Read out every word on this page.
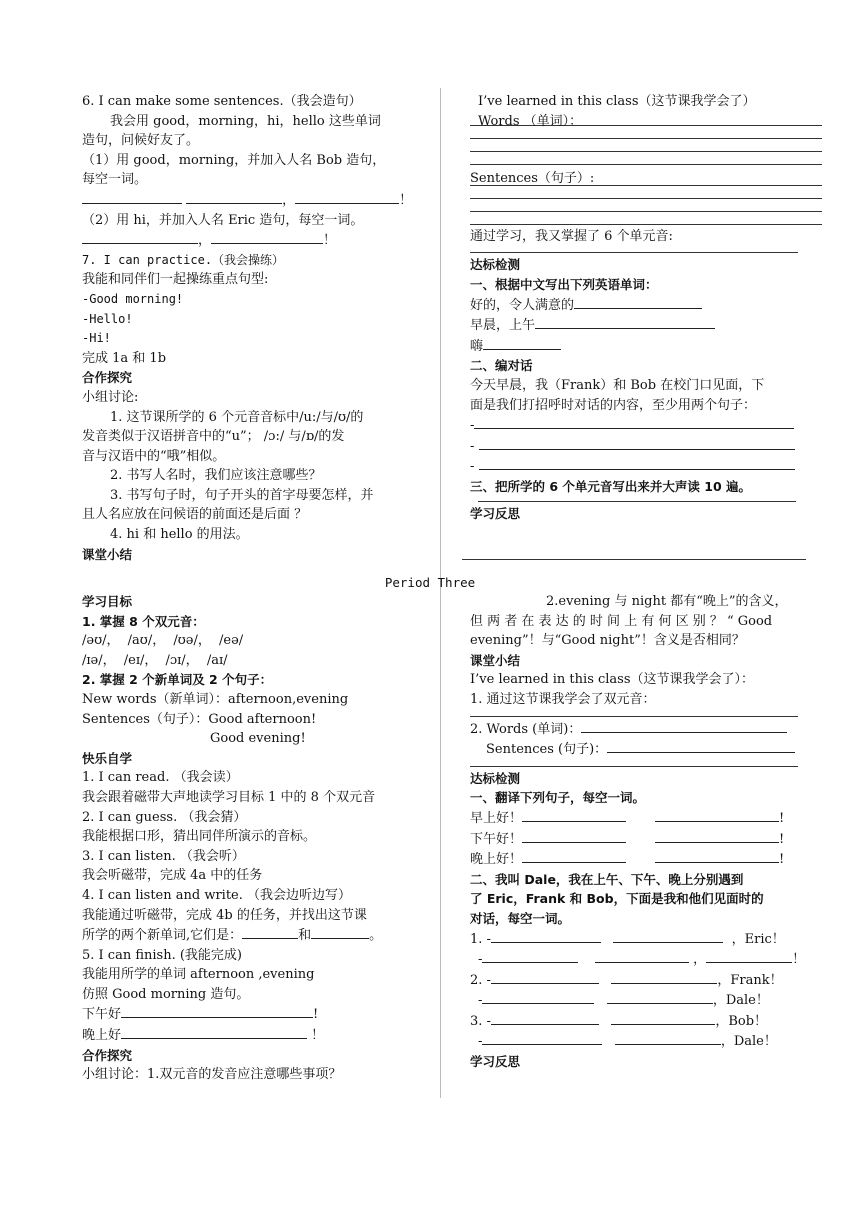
6. I can make some sentences.（我会造句）
我会用 good，morning，hi，hello 这些单词
造句，问候好友了。
（1）用 good，morning，并加入人名 Bob 造句，
每空一词。
，	！
（2）用 hi，并加入人名 Eric 造句，每空一词。
，	！
7. I can practice.（我会操练）
我能和同伴们一起操练重点句型:
-Good morning!
-Hello!
-Hi!
完成 1a 和 1b
合作探究
小组讨论:
1. 这节课所学的 6 个元音音标中/u:/与/ʊ/的
发音类似于汉语拼音中的“u”； /ɔ:/ 与/ɒ/的发
音与汉语中的“哦”相似。
2. 书写人名时，我们应该注意哪些？
3. 书写句子时，句子开头的首字母要怎样，并
且人名应放在问候语的前面还是后面 ？
4. hi 和 hello 的用法。
课堂小结
I’ve learned in this class（这节课我学会了）
Words （单词）：
Sentences（句子）:
通过学习，我又掌握了 6 个单元音:
达标检测
一、根据中文写出下列英语单词：
好的，令人满意的
早晨，上午
嗨
二、编对话
今天早晨，我（Frank）和 Bob 在校门口见面，下
面是我们打招呼时对话的内容，至少用两个句子：
-
-
-
三、把所学的 6 个单元音写出来并大声读 10 遍。
学习反思
Period Three
学习目标
1. 掌握 8 个双元音：
/əʊ/， /aʊ/， /ʊə/， /eə/
/ɪə/， /eɪ/， /ɔɪ/， /aɪ/
2. 掌握 2 个新单词及 2 个句子：
New words（新单词）：afternoon,evening
Sentences（句子）：Good afternoon!
Good evening!
快乐自学
1. I can read. （我会读）
我会跟着磁带大声地读学习目标 1 中的 8 个双元音
2. I can guess. （我会猜）
我能根据口形，猜出同伴所演示的音标。
3. I can listen. （我会听）
我会听磁带，完成 4a 中的任务
4. I can listen and write. （我会边听边写）
我能通过听磁带，完成 4b 的任务，并找出这节课
所学的两个新单词,它们是：	和	。
5. I can finish. (我能完成)
我能用所学的单词 afternoon ,evening
仿照 Good morning 造句。
下午好	!
晚上好	！
合作探究
小组讨论：1.双元音的发音应注意哪些事项？
2.evening 与 night 都有“晚上”的含义，
但 两 者 在 表 达 的 时 间 上 有 何 区 别 ？ “ Good
evening”！与“Good night”！含义是否相同？
课堂小结
I’ve learned in this class（这节课我学会了）：
1. 通过这节课我学会了双元音：
2. Words (单词)：
Sentences (句子)：
达标检测
一、翻译下列句子，每空一词。
早上好！	!
下午好！	!
晚上好！	!
二、我叫 Dale，我在上午、下午、晚上分别遇到
了 Eric，Frank 和 Bob，下面是我和他们见面时的
对话，每空一词。
1. -	，Eric！
-	，	！
2. -	，Frank！
-	，Dale！
3. -	，Bob！
-	，Dale！
学习反思
